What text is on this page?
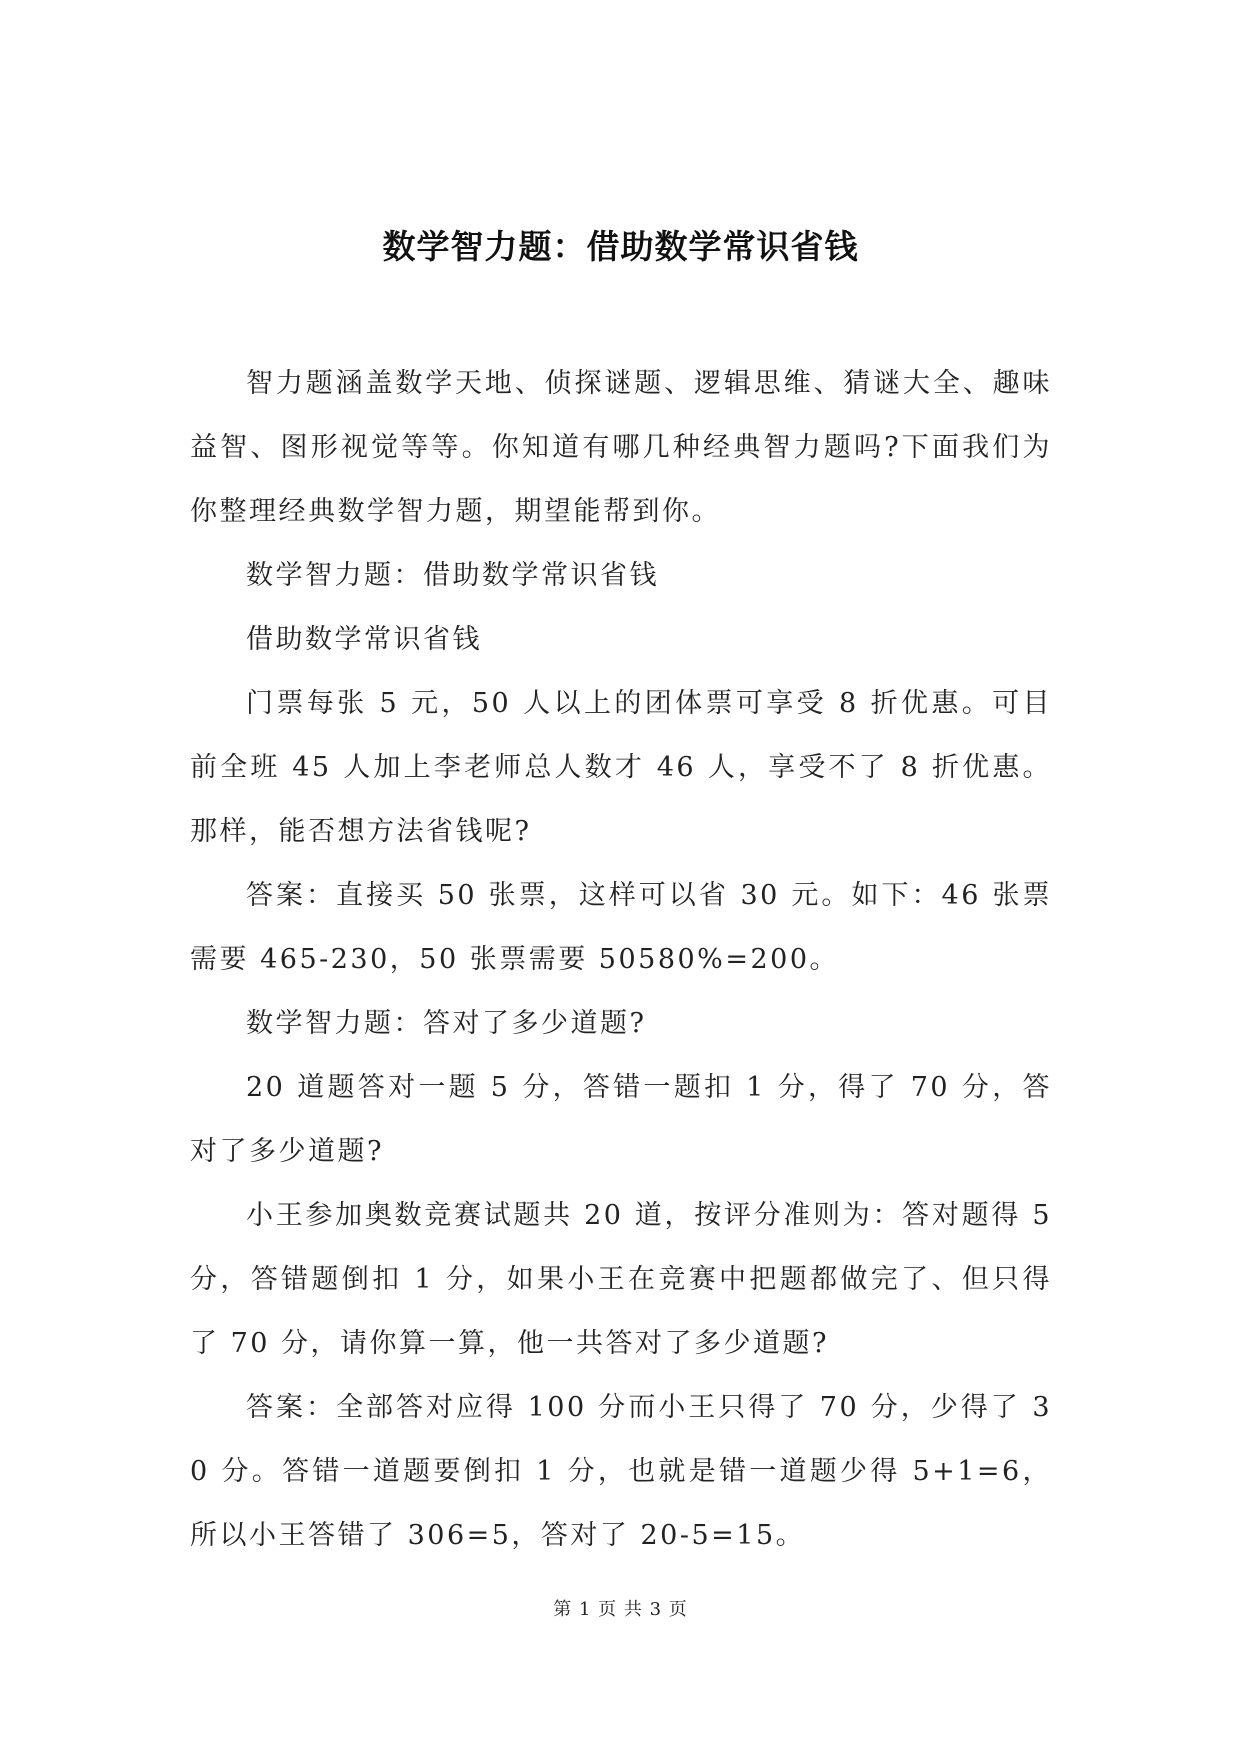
数学智力题：借助数学常识省钱

智力题涵盖数学天地、侦探谜题、逻辑思维、猜谜大全、趣味益智、图形视觉等等。你知道有哪几种经典智力题吗?下面我们为你整理经典数学智力题，期望能帮到你。

数学智力题：借助数学常识省钱

借助数学常识省钱

门票每张 5 元，50 人以上的团体票可享受 8 折优惠。可目前全班 45 人加上李老师总人数才 46 人，享受不了 8 折优惠。那样，能否想方法省钱呢?

答案：直接买 50 张票，这样可以省 30 元。如下：46 张票需要 465-230，50 张票需要 50580%=200。

数学智力题：答对了多少道题?

20 道题答对一题 5 分，答错一题扣 1 分，得了 70 分，答对了多少道题?

小王参加奥数竞赛试题共 20 道，按评分准则为：答对题得 5 分，答错题倒扣 1 分，如果小王在竞赛中把题都做完了、但只得了 70 分，请你算一算，他一共答对了多少道题?

答案：全部答对应得 100 分而小王只得了 70 分，少得了 30 分。答错一道题要倒扣 1 分，也就是错一道题少得 5+1=6，所以小王答错了 306=5，答对了 20-5=15。

第 1 页 共 3 页
